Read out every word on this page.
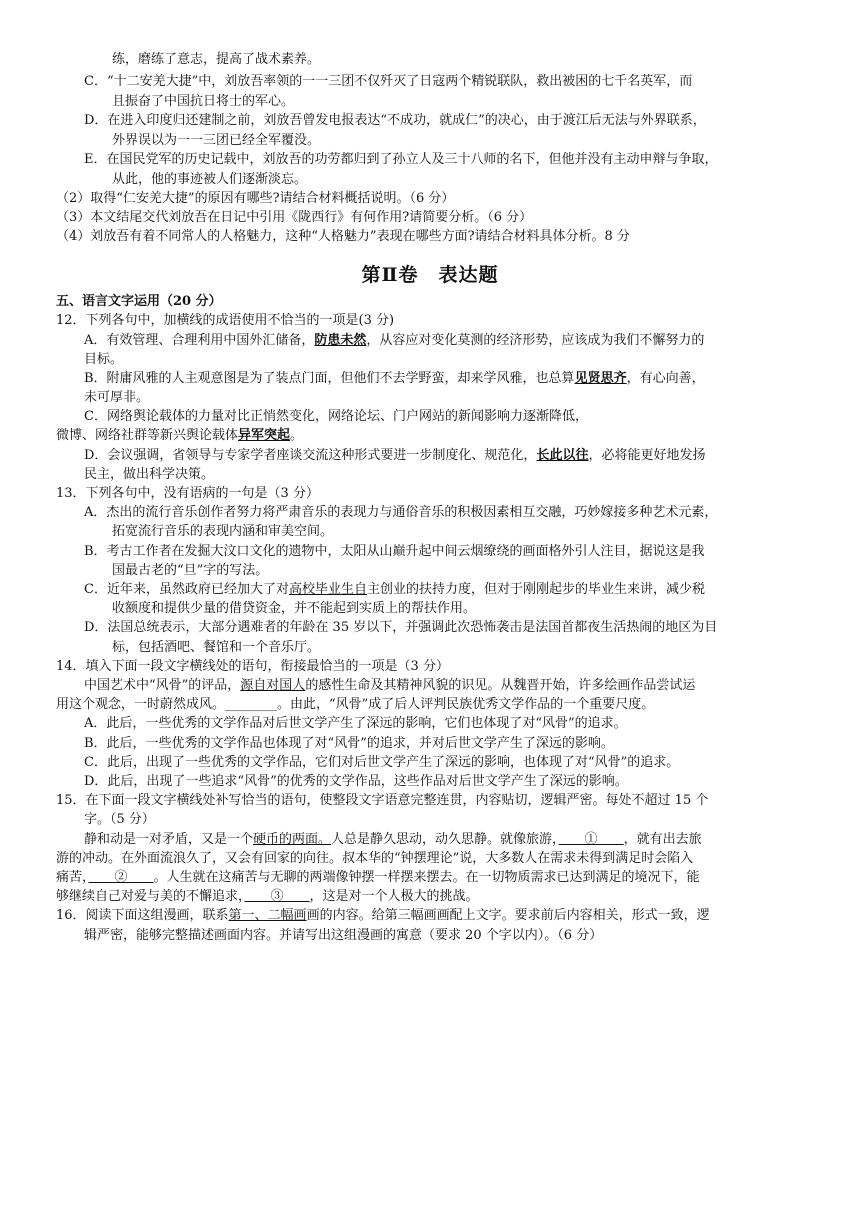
练，磨练了意志，提高了战术素养。
C．“十二安羌大捷”中，刘放吾率领的一一三团不仅歼灭了日寇两个精锐联队，救出被困的七千名英军，而
且振奋了中国抗日将士的军心。
D．在进入印度归还建制之前，刘放吾曾发电报表达“不成功，就成仁”的决心，由于渡江后无法与外界联系，
外界误以为一一三团已经全军覆没。
E．在国民党军的历史记载中，刘放吾的功劳都归到了孙立人及三十八师的名下，但他并没有主动申辩与争取，
从此，他的事迹被人们逐渐淡忘。
（2）取得“仁安羌大捷”的原因有哪些?请结合材料概括说明。（6 分）
（3）本文结尾交代刘放吾在日记中引用《陇西行》有何作用?请简要分析。（6 分）
（4）刘放吾有着不同常人的人格魅力，这种“人格魅力”表现在哪些方面?请结合材料具体分析。8 分
第Ⅱ卷　表达题
五、语言文字运用（20 分）
12．下列各句中，加横线的成语使用不恰当的一项是(3 分)
A．有效管理、合理利用中国外汇储备，防患未然，从容应对变化莫测的经济形势，应该成为我们不懈努力的
目标。
B．附庸风雅的人主观意图是为了装点门面，但他们不去学野蛮，却来学风雅，也总算见贤思齐，有心向善，
未可厚非。
C．网络舆论载体的力量对比正悄然变化，网络论坛、门户网站的新闻影响力逐渐降低，
微博、网络社群等新兴舆论载体异军突起。
D．会议强调，省领导与专家学者座谈交流这种形式要进一步制度化、规范化，长此以往，必将能更好地发扬
民主，做出科学决策。
13．下列各句中，没有语病的一句是（3 分）
A．杰出的流行音乐创作者努力将严肃音乐的表现力与通俗音乐的积极因素相互交融，巧妙嫁接多种艺术元素，
拓宽流行音乐的表现内涵和审美空间。
B．考古工作者在发掘大汶口文化的遗物中，太阳从山巅升起中间云烟缭绕的画面格外引人注目，据说这是我
国最古老的“旦”字的写法。
C．近年来，虽然政府已经加大了对高校毕业生自主创业的扶持力度，但对于刚刚起步的毕业生来讲，减少税
收额度和提供少量的借贷资金，并不能起到实质上的帮扶作用。
D．法国总统表示，大部分遇难者的年龄在 35 岁以下，并强调此次恐怖袭击是法国首都夜生活热闹的地区为目
标，包括酒吧、餐馆和一个音乐厅。
14．填入下面一段文字横线处的语句，衔接最恰当的一项是（3 分）
中国艺术中“风骨”的评品，源自对国人的感性生命及其精神风貌的识见。从魏晋开始，许多绘画作品尝试运
用这个观念，一时蔚然成风。________。由此，“风骨”成了后人评判民族优秀文学作品的一个重要尺度。
A．此后，一些优秀的文学作品对后世文学产生了深远的影响，它们也体现了对“风骨”的追求。
B．此后，一些优秀的文学作品也体现了对“风骨”的追求，并对后世文学产生了深远的影响。
C．此后，出现了一些优秀的文学作品，它们对后世文学产生了深远的影响，也体现了对“风骨”的追求。
D．此后，出现了一些追求“风骨”的优秀的文学作品，这些作品对后世文学产生了深远的影响。
15．在下面一段文字横线处补写恰当的语句，使整段文字语意完整连贯，内容贴切，逻辑严密。每处不超过 15 个
字。（5 分）
静和动是一对矛盾，又是一个硬币的两面。人总是静久思动，动久思静。就像旅游，　　①　　，就有出去旅
游的冲动。在外面流浪久了，又会有回家的向往。叔本华的“钟摆理论”说，大多数人在需求未得到满足时会陷入
痛苦，　　②　　。人生就在这痛苦与无聊的两端像钟摆一样摆来摆去。在一切物质需求已达到满足的境况下，能
够继续自己对爱与美的不懈追求，　　③　　，这是对一个人极大的挑战。
16．阅读下面这组漫画，联系第一、二幅画画的内容。给第三幅画画配上文字。要求前后内容相关，形式一致，逻
辑严密，能够完整描述画面内容。并请写出这组漫画的寓意（要求 20 个字以内）。（6 分）
